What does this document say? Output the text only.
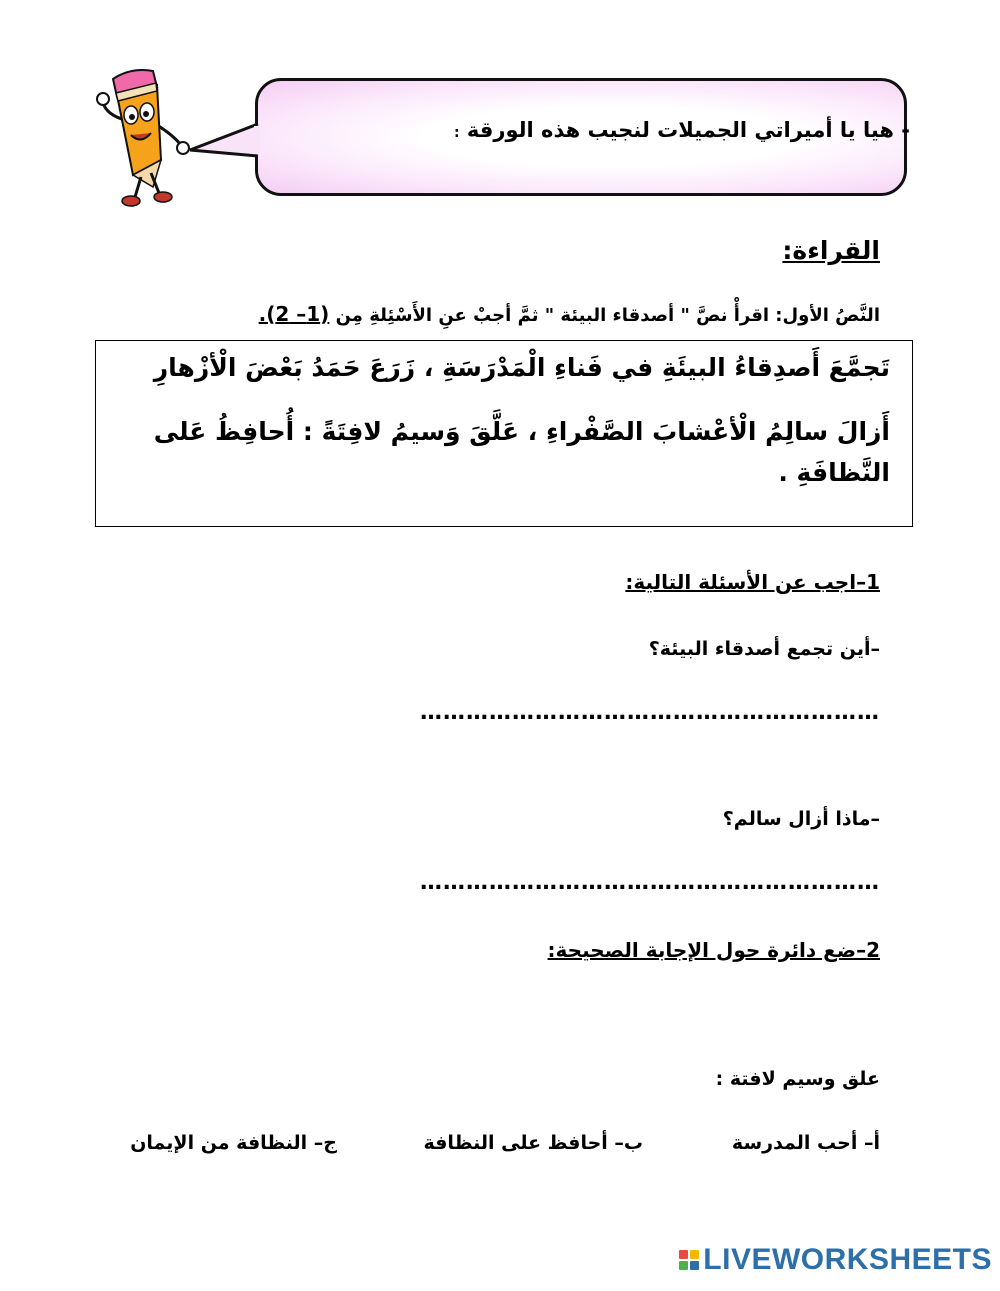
- هيا يا أميراتي الجميلات لنجيب هذه الورقة :
القراءة:
النَّصُ الأول: اقرأْ نصَّ " أصدقاء البيئة " ثمَّ أجبْ عنِ الأَسْئِلةِ مِن (1– 2).
تَجمَّعَ أَصدِقاءُ البيئَةِ في فَناءِ الْمَدْرَسَةِ ، زَرَعَ حَمَدُ بَعْضَ الْأزْهارِ
أَزالَ سالِمُ الْأعْشابَ الصَّفْراءِ ، عَلَّقَ وَسيمُ لافِتَةً : أُحافِظُ عَلى
النَّظافَةِ .
1–اجب عن الأسئلة التالية:
–أين تجمع أصدقاء البيئة؟
……………………………………………………
–ماذا أزال سالم؟
……………………………………………………
2–ضع دائرة حول الإجابة الصحيحة:
علق وسيم لافتة :
أ– أحب المدرسة
ب– أحافظ على النظافة
ج– النظافة من الإيمان
LIVEWORKSHEETS
